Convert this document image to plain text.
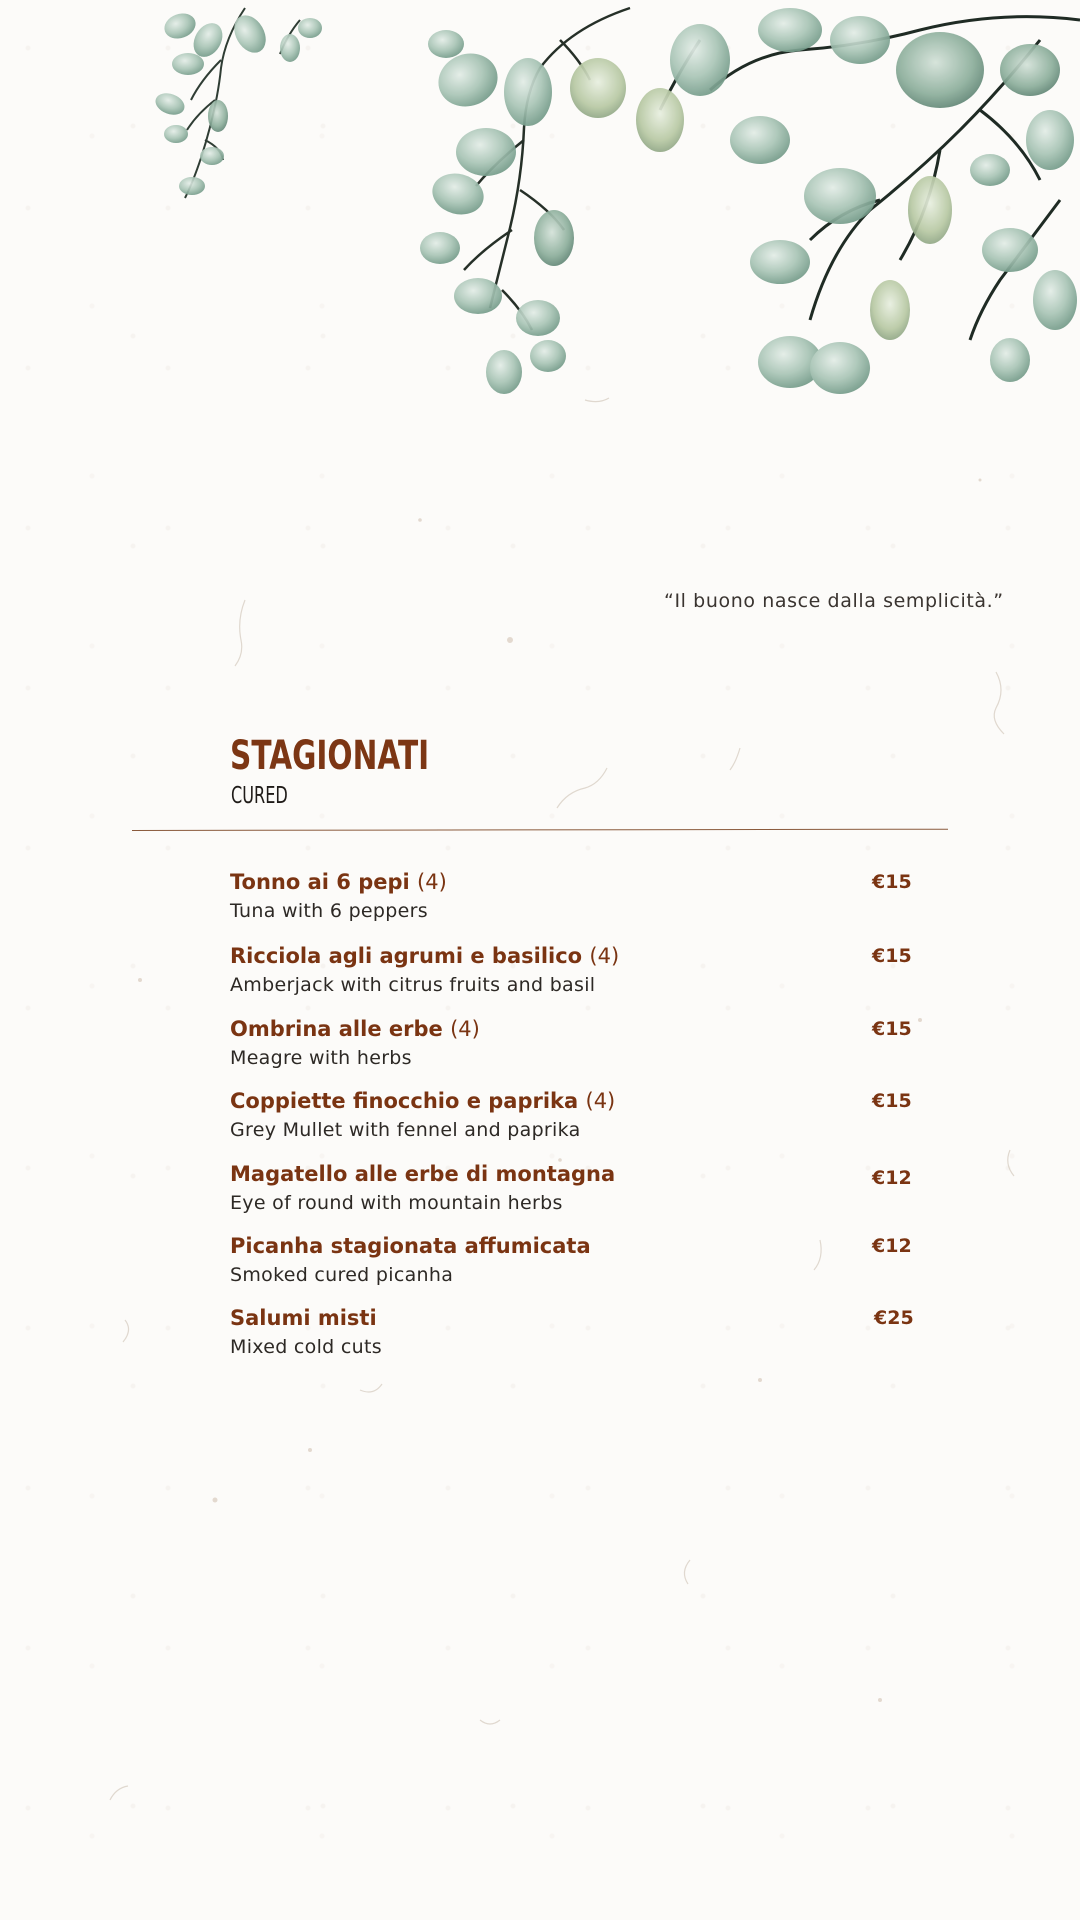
“Il buono nasce dalla semplicità.”
STAGIONATI
CURED
Tonno ai 6 pepi (4)
Tuna with 6 peppers
€15
Ricciola agli agrumi e basilico (4)
Amberjack with citrus fruits and basil
€15
Ombrina alle erbe (4)
Meagre with herbs
€15
Coppiette finocchio e paprika (4)
Grey Mullet with fennel and paprika
€15
Magatello alle erbe di montagna
Eye of round with mountain herbs
€12
Picanha stagionata affumicata
Smoked cured picanha
€12
Salumi misti
Mixed cold cuts
€25
